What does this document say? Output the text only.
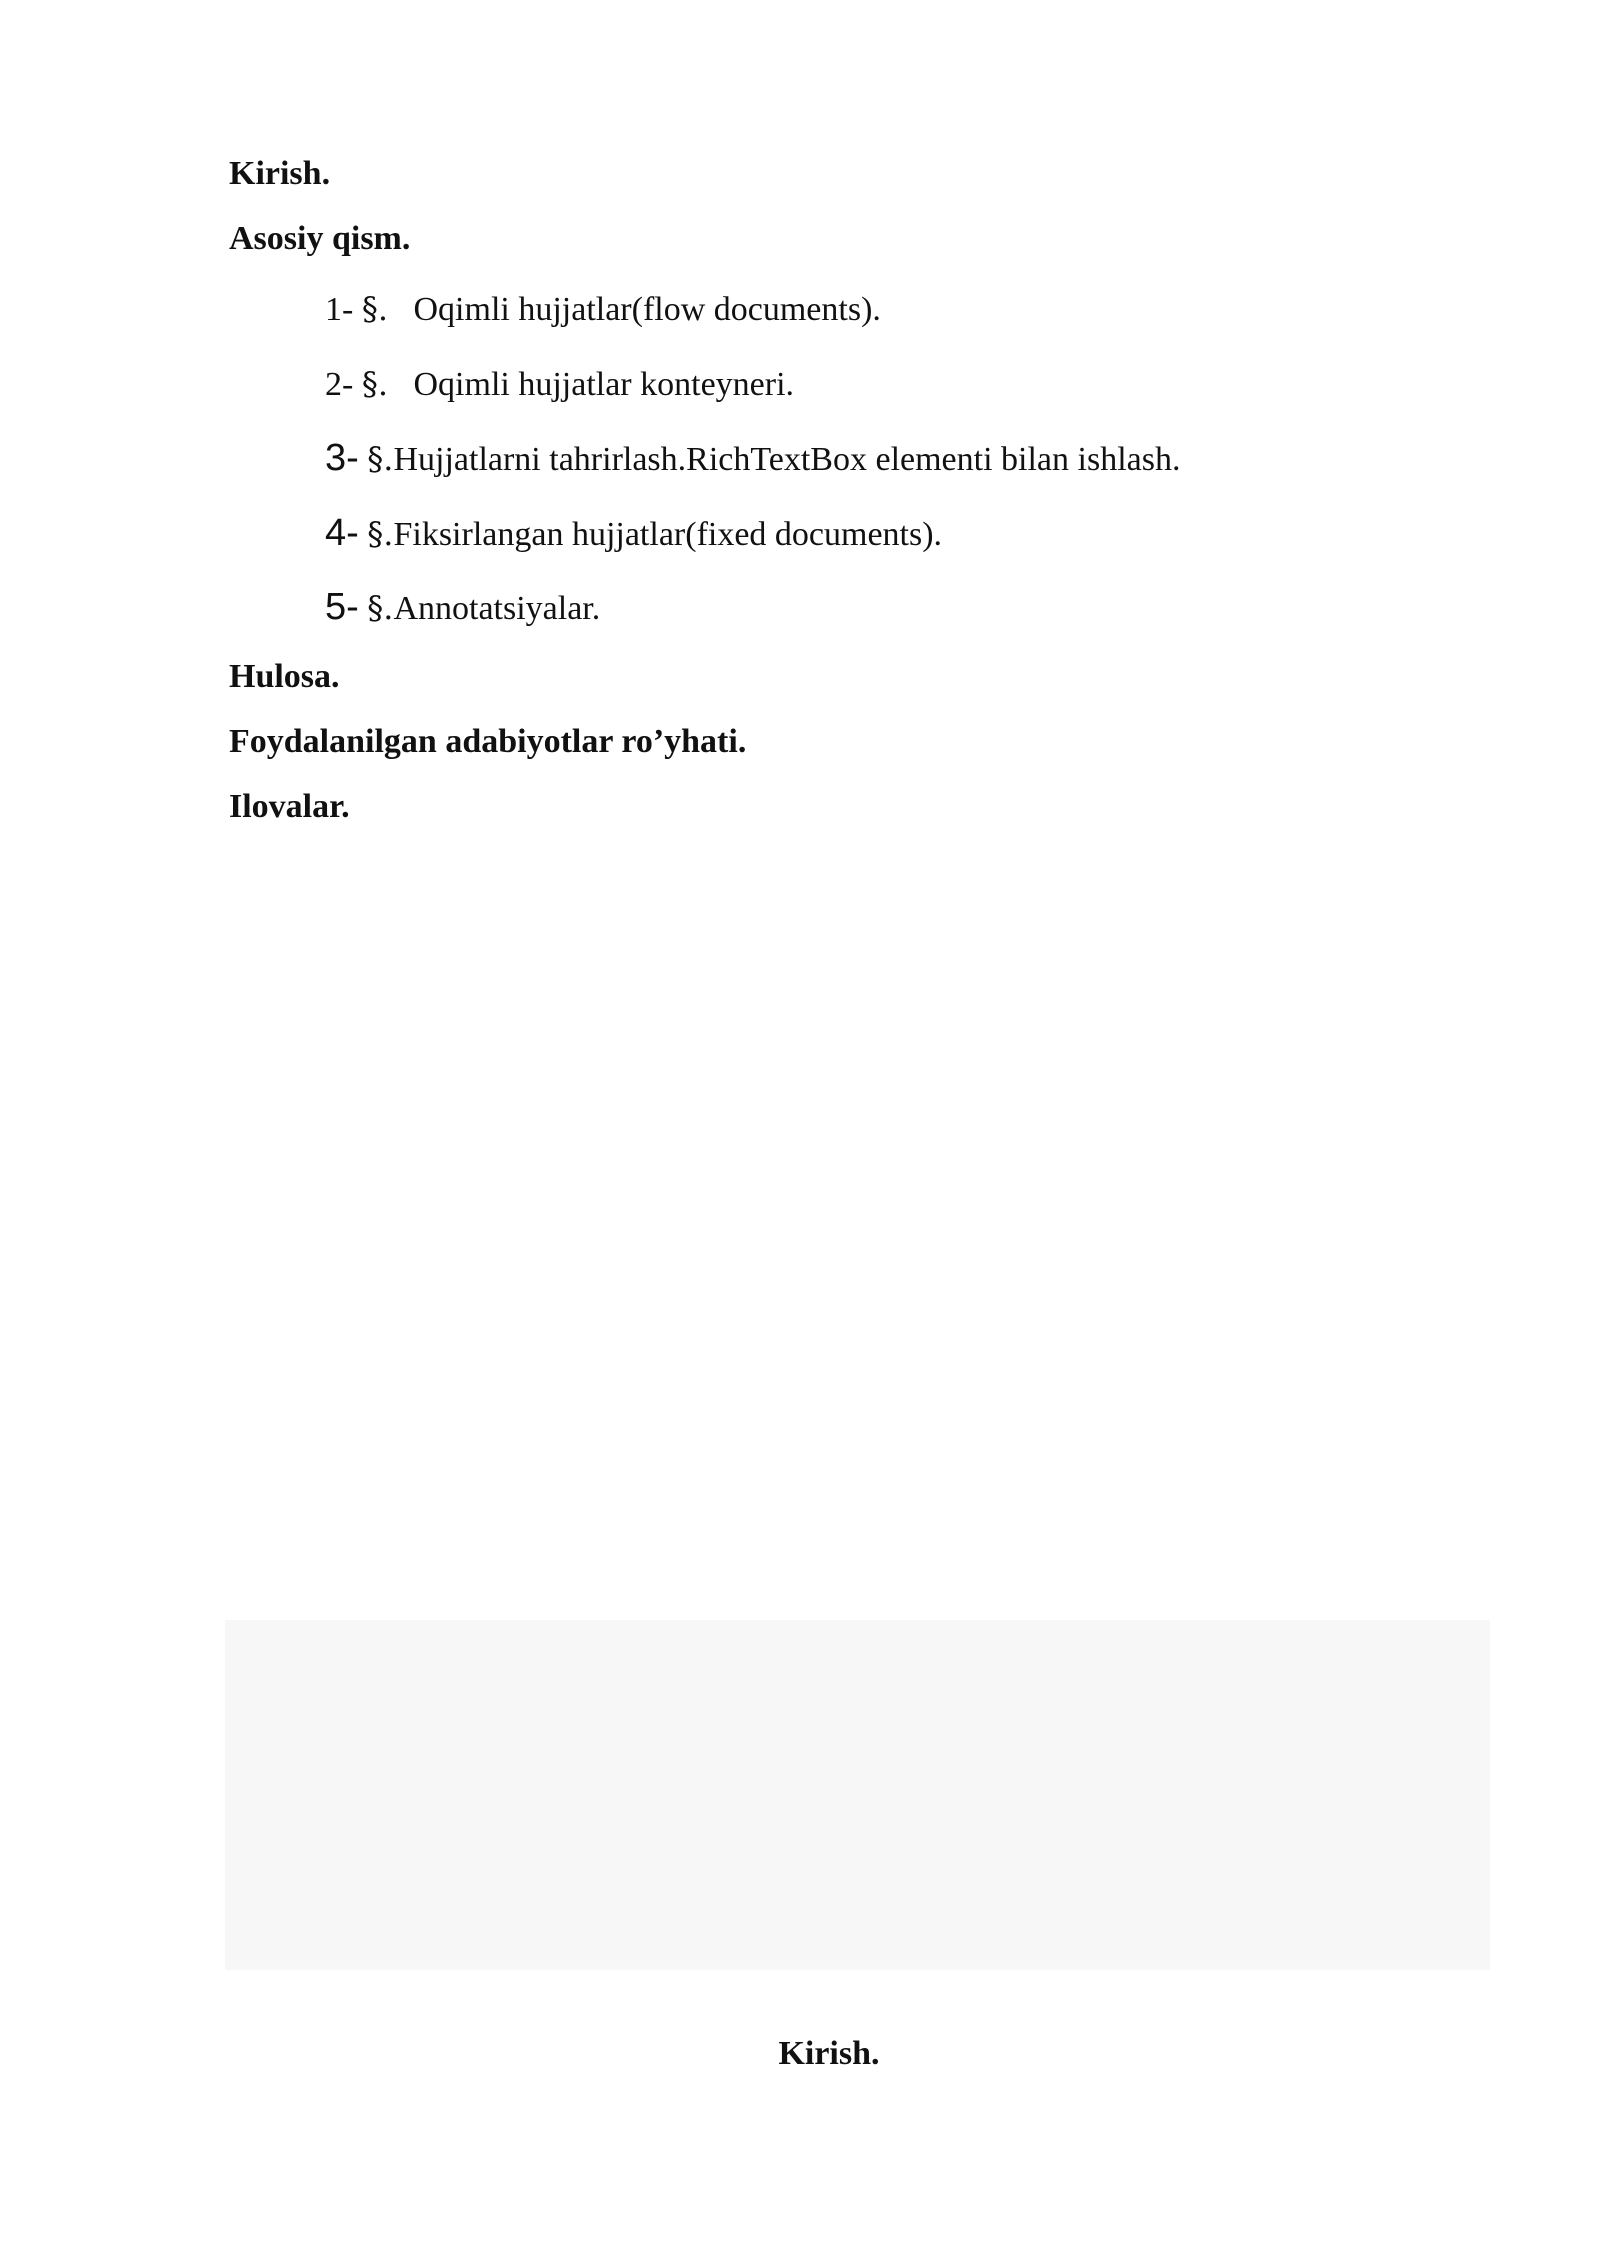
Kirish.
Asosiy qism.
1- §.   Oqimli hujjatlar(flow documents).
2- §.   Oqimli hujjatlar konteyneri.
3- §.Hujjatlarni tahrirlash.RichTextBox elementi bilan ishlash.
4- §.Fiksirlangan hujjatlar(fixed documents).
5- §.Annotatsiyalar.
Hulosa.
Foydalanilgan adabiyotlar ro’yhati.
Ilovalar.
Kirish.
